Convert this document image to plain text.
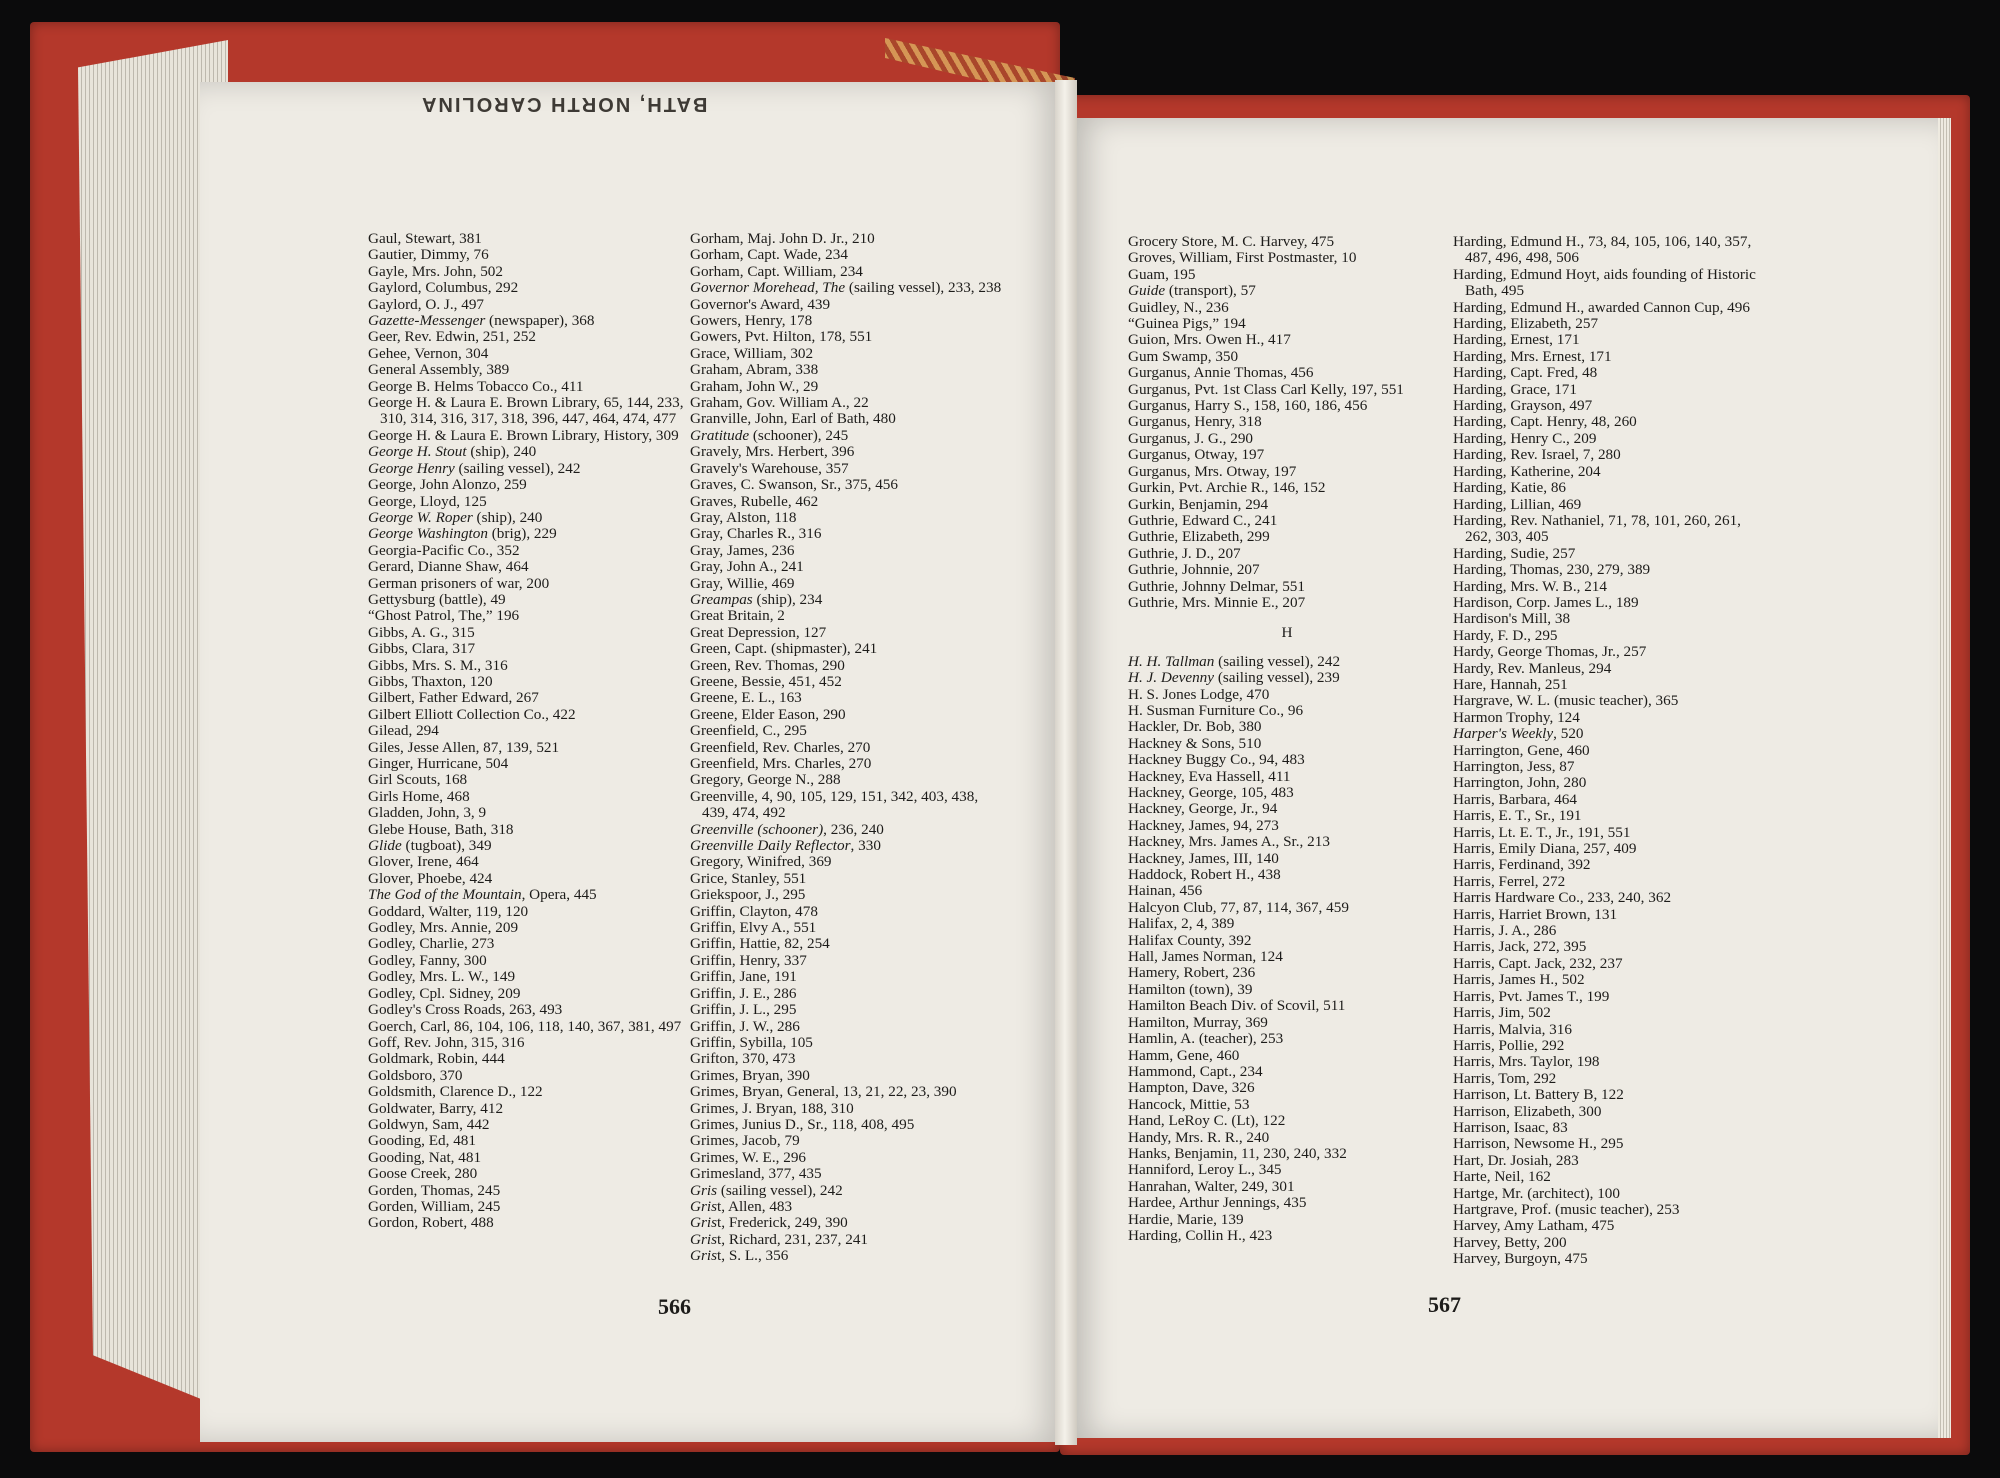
BATH, NORTH CAROLINA

Gaul, Stewart, 381

Gautier, Dimmy, 76

Gayle, Mrs. John, 502

Gaylord, Columbus, 292

Gaylord, O. J., 497

Gazette-Messenger (newspaper), 368

Geer, Rev. Edwin, 251, 252

Gehee, Vernon, 304

General Assembly, 389

George B. Helms Tobacco Co., 411

George H. & Laura E. Brown Library, 65, 144, 233, 310, 314, 316, 317, 318, 396, 447, 464, 474, 477

George H. & Laura E. Brown Library, History, 309

George H. Stout (ship), 240

George Henry (sailing vessel), 242

George, John Alonzo, 259

George, Lloyd, 125

George W. Roper (ship), 240

George Washington (brig), 229

Georgia-Pacific Co., 352

Gerard, Dianne Shaw, 464

German prisoners of war, 200

Gettysburg (battle), 49

“Ghost Patrol, The,” 196

Gibbs, A. G., 315

Gibbs, Clara, 317

Gibbs, Mrs. S. M., 316

Gibbs, Thaxton, 120

Gilbert, Father Edward, 267

Gilbert Elliott Collection Co., 422

Gilead, 294

Giles, Jesse Allen, 87, 139, 521

Ginger, Hurricane, 504

Girl Scouts, 168

Girls Home, 468

Gladden, John, 3, 9

Glebe House, Bath, 318

Glide (tugboat), 349

Glover, Irene, 464

Glover, Phoebe, 424

The God of the Mountain, Opera, 445

Goddard, Walter, 119, 120

Godley, Mrs. Annie, 209

Godley, Charlie, 273

Godley, Fanny, 300

Godley, Mrs. L. W., 149

Godley, Cpl. Sidney, 209

Godley's Cross Roads, 263, 493

Goerch, Carl, 86, 104, 106, 118, 140, 367, 381, 497

Goff, Rev. John, 315, 316

Goldmark, Robin, 444

Goldsboro, 370

Goldsmith, Clarence D., 122

Goldwater, Barry, 412

Goldwyn, Sam, 442

Gooding, Ed, 481

Gooding, Nat, 481

Goose Creek, 280

Gorden, Thomas, 245

Gorden, William, 245

Gordon, Robert, 488

Gorham, Maj. John D. Jr., 210

Gorham, Capt. Wade, 234

Gorham, Capt. William, 234

Governor Morehead, The (sailing vessel), 233, 238

Governor's Award, 439

Gowers, Henry, 178

Gowers, Pvt. Hilton, 178, 551

Grace, William, 302

Graham, Abram, 338

Graham, John W., 29

Graham, Gov. William A., 22

Granville, John, Earl of Bath, 480

Gratitude (schooner), 245

Gravely, Mrs. Herbert, 396

Gravely's Warehouse, 357

Graves, C. Swanson, Sr., 375, 456

Graves, Rubelle, 462

Gray, Alston, 118

Gray, Charles R., 316

Gray, James, 236

Gray, John A., 241

Gray, Willie, 469

Greampas (ship), 234

Great Britain, 2

Great Depression, 127

Green, Capt. (shipmaster), 241

Green, Rev. Thomas, 290

Greene, Bessie, 451, 452

Greene, E. L., 163

Greene, Elder Eason, 290

Greenfield, C., 295

Greenfield, Rev. Charles, 270

Greenfield, Mrs. Charles, 270

Gregory, George N., 288

Greenville, 4, 90, 105, 129, 151, 342, 403, 438, 439, 474, 492

Greenville (schooner), 236, 240

Greenville Daily Reflector, 330

Gregory, Winifred, 369

Grice, Stanley, 551

Griekspoor, J., 295

Griffin, Clayton, 478

Griffin, Elvy A., 551

Griffin, Hattie, 82, 254

Griffin, Henry, 337

Griffin, Jane, 191

Griffin, J. E., 286

Griffin, J. L., 295

Griffin, J. W., 286

Griffin, Sybilla, 105

Grifton, 370, 473

Grimes, Bryan, 390

Grimes, Bryan, General, 13, 21, 22, 23, 390

Grimes, J. Bryan, 188, 310

Grimes, Junius D., Sr., 118, 408, 495

Grimes, Jacob, 79

Grimes, W. E., 296

Grimesland, 377, 435

Gris (sailing vessel), 242

Grist, Allen, 483

Grist, Frederick, 249, 390

Grist, Richard, 231, 237, 241

Grist, S. L., 356

Grocery Store, M. C. Harvey, 475

Groves, William, First Postmaster, 10

Guam, 195

Guide (transport), 57

Guidley, N., 236

“Guinea Pigs,” 194

Guion, Mrs. Owen H., 417

Gum Swamp, 350

Gurganus, Annie Thomas, 456

Gurganus, Pvt. 1st Class Carl Kelly, 197, 551

Gurganus, Harry S., 158, 160, 186, 456

Gurganus, Henry, 318

Gurganus, J. G., 290

Gurganus, Otway, 197

Gurganus, Mrs. Otway, 197

Gurkin, Pvt. Archie R., 146, 152

Gurkin, Benjamin, 294

Guthrie, Edward C., 241

Guthrie, Elizabeth, 299

Guthrie, J. D., 207

Guthrie, Johnnie, 207

Guthrie, Johnny Delmar, 551

Guthrie, Mrs. Minnie E., 207

H

H. H. Tallman (sailing vessel), 242

H. J. Devenny (sailing vessel), 239

H. S. Jones Lodge, 470

H. Susman Furniture Co., 96

Hackler, Dr. Bob, 380

Hackney & Sons, 510

Hackney Buggy Co., 94, 483

Hackney, Eva Hassell, 411

Hackney, George, 105, 483

Hackney, George, Jr., 94

Hackney, James, 94, 273

Hackney, Mrs. James A., Sr., 213

Hackney, James, III, 140

Haddock, Robert H., 438

Hainan, 456

Halcyon Club, 77, 87, 114, 367, 459

Halifax, 2, 4, 389

Halifax County, 392

Hall, James Norman, 124

Hamery, Robert, 236

Hamilton (town), 39

Hamilton Beach Div. of Scovil, 511

Hamilton, Murray, 369

Hamlin, A. (teacher), 253

Hamm, Gene, 460

Hammond, Capt., 234

Hampton, Dave, 326

Hancock, Mittie, 53

Hand, LeRoy C. (Lt), 122

Handy, Mrs. R. R., 240

Hanks, Benjamin, 11, 230, 240, 332

Hanniford, Leroy L., 345

Hanrahan, Walter, 249, 301

Hardee, Arthur Jennings, 435

Hardie, Marie, 139

Harding, Collin H., 423

Harding, Edmund H., 73, 84, 105, 106, 140, 357, 487, 496, 498, 506

Harding, Edmund Hoyt, aids founding of Historic Bath, 495

Harding, Edmund H., awarded Cannon Cup, 496

Harding, Elizabeth, 257

Harding, Ernest, 171

Harding, Mrs. Ernest, 171

Harding, Capt. Fred, 48

Harding, Grace, 171

Harding, Grayson, 497

Harding, Capt. Henry, 48, 260

Harding, Henry C., 209

Harding, Rev. Israel, 7, 280

Harding, Katherine, 204

Harding, Katie, 86

Harding, Lillian, 469

Harding, Rev. Nathaniel, 71, 78, 101, 260, 261, 262, 303, 405

Harding, Sudie, 257

Harding, Thomas, 230, 279, 389

Harding, Mrs. W. B., 214

Hardison, Corp. James L., 189

Hardison's Mill, 38

Hardy, F. D., 295

Hardy, George Thomas, Jr., 257

Hardy, Rev. Manleus, 294

Hare, Hannah, 251

Hargrave, W. L. (music teacher), 365

Harmon Trophy, 124

Harper's Weekly, 520

Harrington, Gene, 460

Harrington, Jess, 87

Harrington, John, 280

Harris, Barbara, 464

Harris, E. T., Sr., 191

Harris, Lt. E. T., Jr., 191, 551

Harris, Emily Diana, 257, 409

Harris, Ferdinand, 392

Harris, Ferrel, 272

Harris Hardware Co., 233, 240, 362

Harris, Harriet Brown, 131

Harris, J. A., 286

Harris, Jack, 272, 395

Harris, Capt. Jack, 232, 237

Harris, James H., 502

Harris, Pvt. James T., 199

Harris, Jim, 502

Harris, Malvia, 316

Harris, Pollie, 292

Harris, Mrs. Taylor, 198

Harris, Tom, 292

Harrison, Lt. Battery B, 122

Harrison, Elizabeth, 300

Harrison, Isaac, 83

Harrison, Newsome H., 295

Hart, Dr. Josiah, 283

Harte, Neil, 162

Hartge, Mr. (architect), 100

Hartgrave, Prof. (music teacher), 253

Harvey, Amy Latham, 475

Harvey, Betty, 200

Harvey, Burgoyn, 475

566	567
